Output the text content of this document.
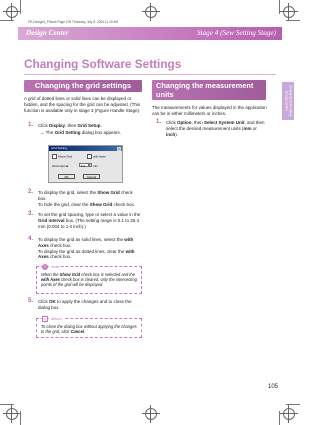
PE-Design6_P.Book Page 105 Thursday, July 8, 2004 11:19 AM
Design Center	Stage 4 (Sew Setting Stage)
Changing Software Settings
Changing the grid settings
A grid of dotted lines or solid lines can be displayed or hidden, and the spacing for the grid can be adjusted. (This function is available only in stage 3 (Figure Handle Stage).
1. Click Display, then Grid Setup.
→ The Grid Setting dialog box appears.
Grid Setting	×
Show Grid	with Axes
Grid interval:	5.0	mm
OK	Cancel
2. To display the grid, select the Show Grid check box.
To hide the grid, clear the Show Grid check box.
3. To set the grid spacing, type or select a value in the Grid interval box. (The setting range is 0.1 to 25.4 mm (0.004 to 1.0 inch).)
4. To display the grid as solid lines, select the with Axes check box.
To display the grid as dotted lines, clear the with Axes check box.
!	Note:
When the Show Grid check box is selected and the with Axes check box is cleared, only the intersecting points of the grid will be displayed.
5. Click OK to apply the changes and to close the dialog box.
✎	Memo:
To close the dialog box without applying the changes to the grid, click Cancel.
Changing the measurement
units
The measurements for values displayed in the application can be in either millimeters or inches.
1. Click Option, then Select System Unit, and then select the desired measurement units (mm or inch).
Arranging Embroidery
Design Center
105
